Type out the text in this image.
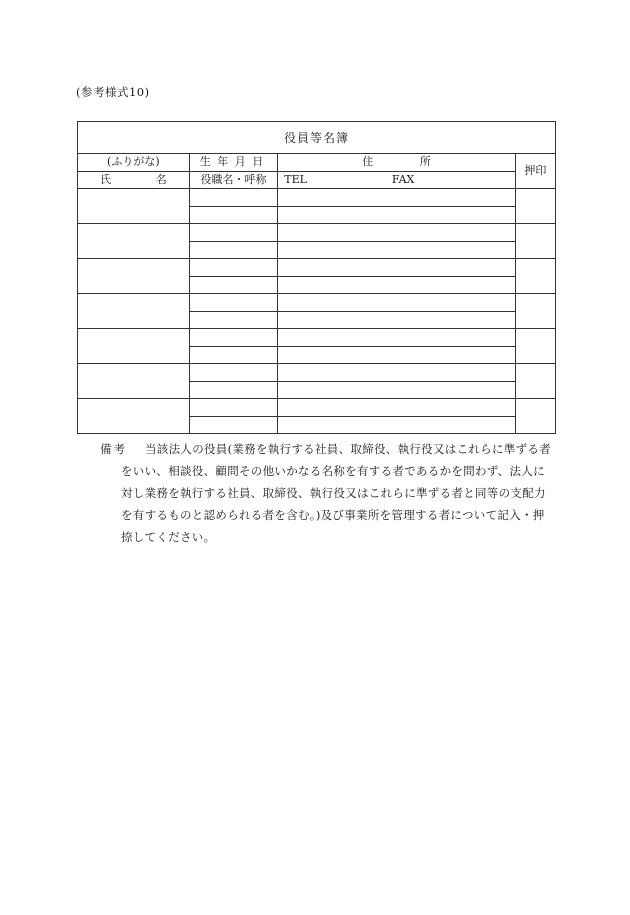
(参考様式10)
役員等名簿			
(ふりがな)	生 年 月 日	住 所	押印

氏 名	役職名・呼称	TEL FAX	

備考	当該法人の役員(業務を執行する社員、取締役、執行役又はこれらに準ずる者をいい、相談役、顧問その他いかなる名称を有する者であるかを問わず、法人に対し業務を執行する社員、取締役、執行役又はこれらに準ずる者と同等の支配力を有するものと認められる者を含む。)及び事業所を管理する者について記入・押捺してください。
